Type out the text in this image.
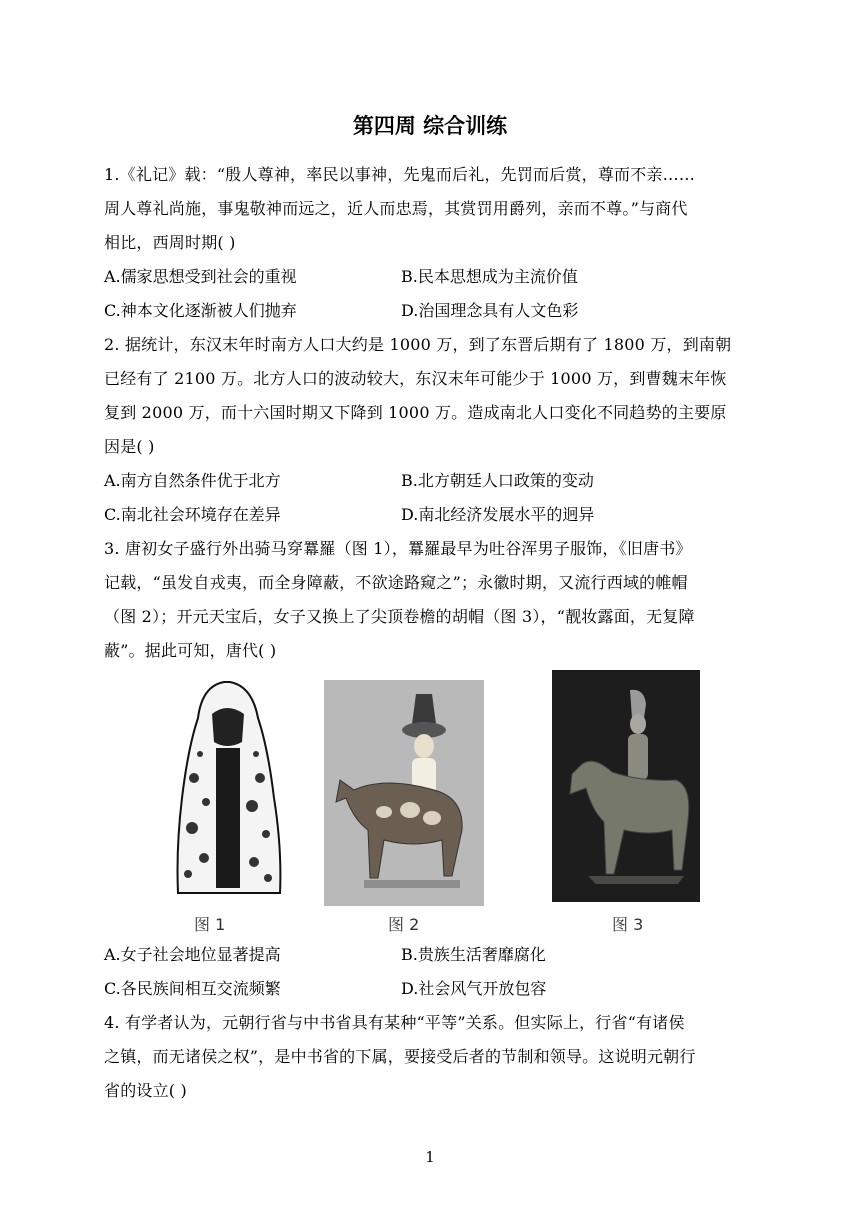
第四周 综合训练
1.《礼记》载：“殷人尊神，率民以事神，先鬼而后礼，先罚而后赏，尊而不亲……
周人尊礼尚施，事鬼敬神而远之，近人而忠焉，其赏罚用爵列，亲而不尊。”与商代
相比，西周时期( )
A.儒家思想受到社会的重视	B.民本思想成为主流价值
C.神本文化逐渐被人们抛弃	D.治国理念具有人文色彩
2. 据统计，东汉末年时南方人口大约是 1000 万，到了东晋后期有了 1800 万，到南朝
已经有了 2100 万。北方人口的波动较大，东汉末年可能少于 1000 万，到曹魏末年恢
复到 2000 万，而十六国时期又下降到 1000 万。造成南北人口变化不同趋势的主要原
因是( )
A.南方自然条件优于北方	B.北方朝廷人口政策的变动
C.南北社会环境存在差异	D.南北经济发展水平的迥异
3. 唐初女子盛行外出骑马穿羃羅（图 1），羃羅最早为吐谷浑男子服饰，《旧唐书》
记载，“虽发自戎夷，而全身障蔽，不欲途路窥之”；永徽时期，又流行西域的帷帽
（图 2）；开元天宝后，女子又换上了尖顶卷檐的胡帽（图 3），“靓妆露面，无复障
蔽”。据此可知，唐代( )
图 1	图 2	图 3
A.女子社会地位显著提高	B.贵族生活奢靡腐化
C.各民族间相互交流频繁	D.社会风气开放包容
4. 有学者认为，元朝行省与中书省具有某种“平等”关系。但实际上，行省“有诸侯
之镇，而无诸侯之权”，是中书省的下属，要接受后者的节制和领导。这说明元朝行
省的设立( )
1
